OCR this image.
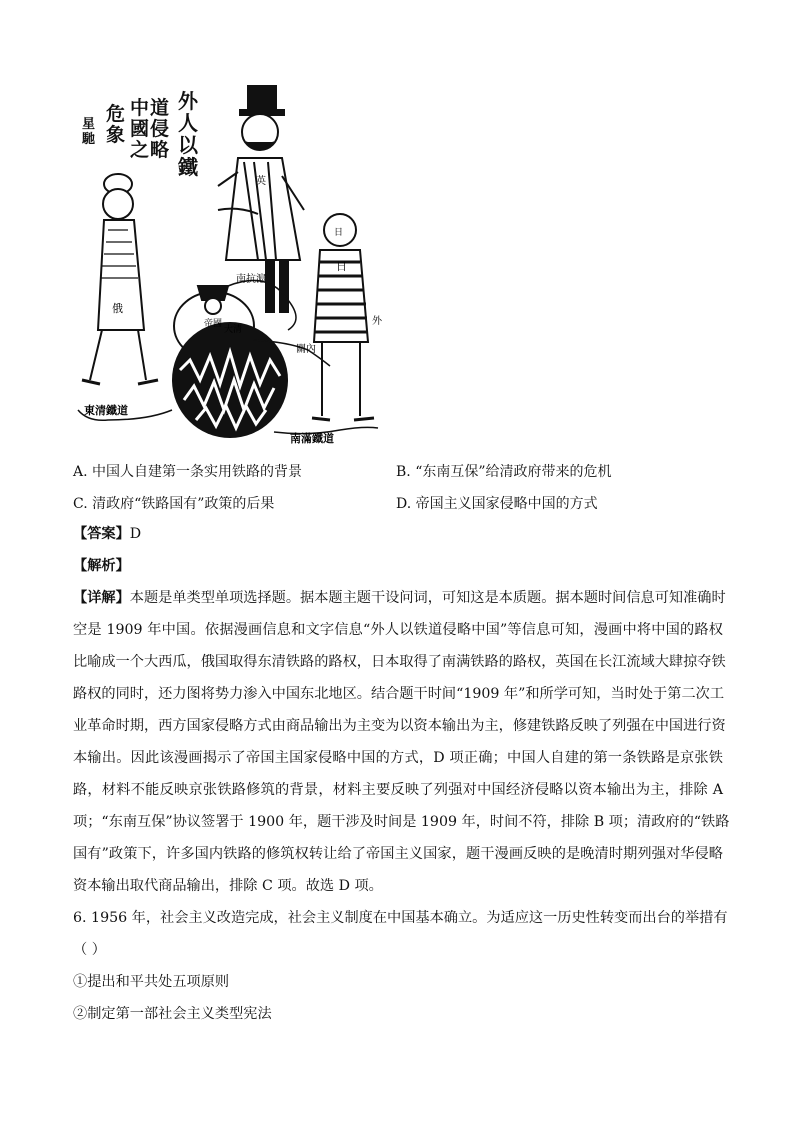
外人以鐵
道侵略
中國之
危象
星馳
英
俄
日
日
帝國
大清
南抗滬
關內
外
東清鐵道
南滿鐵道
A. 中国人自建第一条实用铁路的背景	B. “东南互保”给清政府带来的危机
C. 清政府“铁路国有”政策的后果	D. 帝国主义国家侵略中国的方式
【答案】D
【解析】
【详解】本题是单类型单项选择题。据本题主题干设问词，可知这是本质题。据本题时间信息可知准确时
空是 1909 年中国。依据漫画信息和文字信息“外人以铁道侵略中国”等信息可知，漫画中将中国的路权
比喻成一个大西瓜，俄国取得东清铁路的路权，日本取得了南满铁路的路权，英国在长江流域大肆掠夺铁
路权的同时，还力图将势力渗入中国东北地区。结合题干时间“1909 年”和所学可知，当时处于第二次工
业革命时期，西方国家侵略方式由商品输出为主变为以资本输出为主，修建铁路反映了列强在中国进行资
本输出。因此该漫画揭示了帝国主国家侵略中国的方式，D 项正确；中国人自建的第一条铁路是京张铁
路，材料不能反映京张铁路修筑的背景，材料主要反映了列强对中国经济侵略以资本输出为主，排除 A
项；“东南互保”协议签署于 1900 年，题干涉及时间是 1909 年，时间不符，排除 B 项；清政府的“铁路
国有”政策下，许多国内铁路的修筑权转让给了帝国主义国家，题干漫画反映的是晚清时期列强对华侵略
资本输出取代商品输出，排除 C 项。故选 D 项。
6. 1956 年，社会主义改造完成，社会主义制度在中国基本确立。为适应这一历史性转变而出台的举措有
（ ）
①提出和平共处五项原则
②制定第一部社会主义类型宪法
